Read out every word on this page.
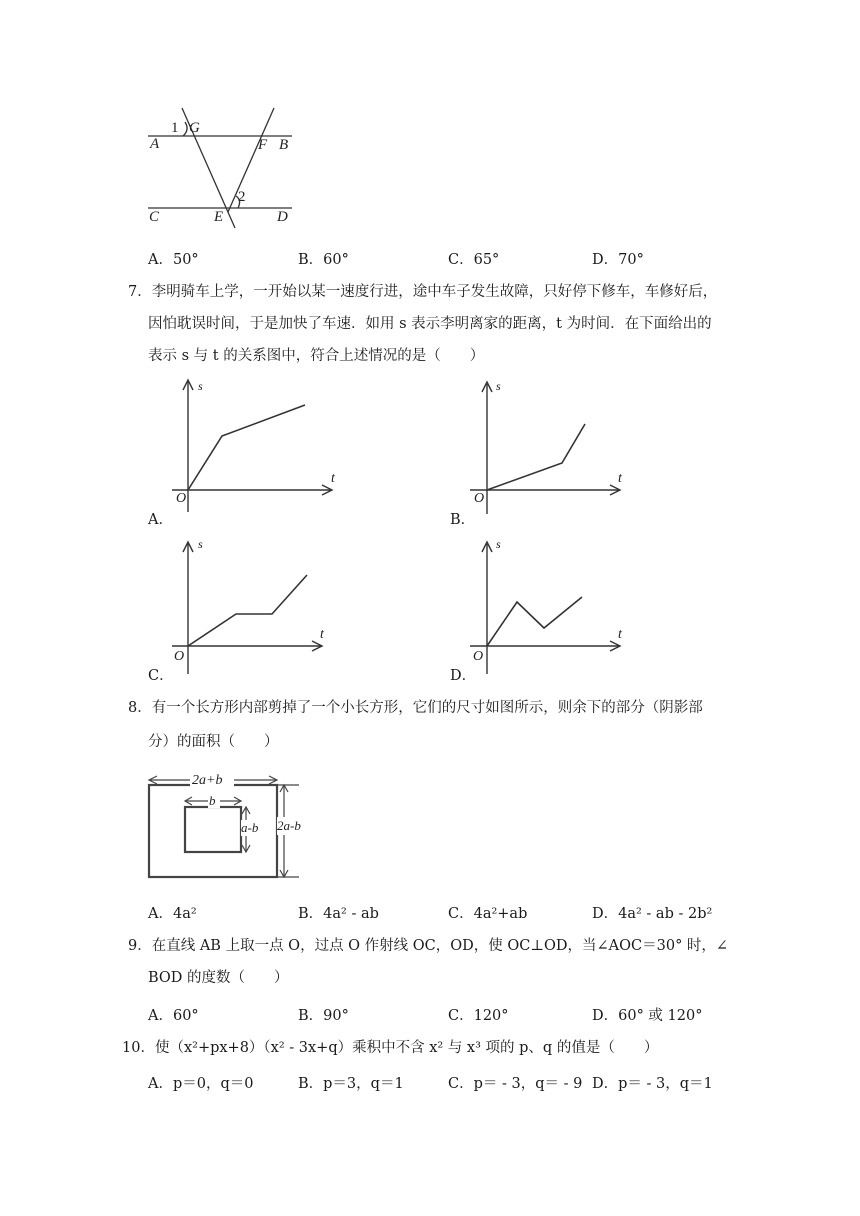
1 G
A	F B
2
C	E	D
A．50°	B．60°	C．65°	D．70°
7．李明骑车上学，一开始以某一速度行进，途中车子发生故障，只好停下修车，车修好后，
因怕耽误时间，于是加快了车速．如用 s 表示李明离家的距离，t 为时间．在下面给出的
表示 s 与 t 的关系图中，符合上述情况的是（　　）
s
t
O
A．
s
t
O
B．
s
t
O
C．
s
t
O
D．
8．有一个长方形内部剪掉了一个小长方形，它们的尺寸如图所示，则余下的部分（阴影部
分）的面积（　　）
2a+b
b
a-b 2a-b
A．4a²	B．4a² - ab	C．4a²+ab	D．4a² - ab - 2b²
9．在直线 AB 上取一点 O，过点 O 作射线 OC，OD，使 OC⊥OD，当∠AOC＝30° 时，∠
BOD 的度数（　　）
A．60°	B．90°	C．120°	D．60° 或 120°
10．使（x²+px+8）（x² - 3x+q）乘积中不含 x² 与 x³ 项的 p、q 的值是（　　）
A．p＝0，q＝0	B．p＝3，q＝1	C．p＝ - 3，q＝ - 9 D．p＝ - 3，q＝1
